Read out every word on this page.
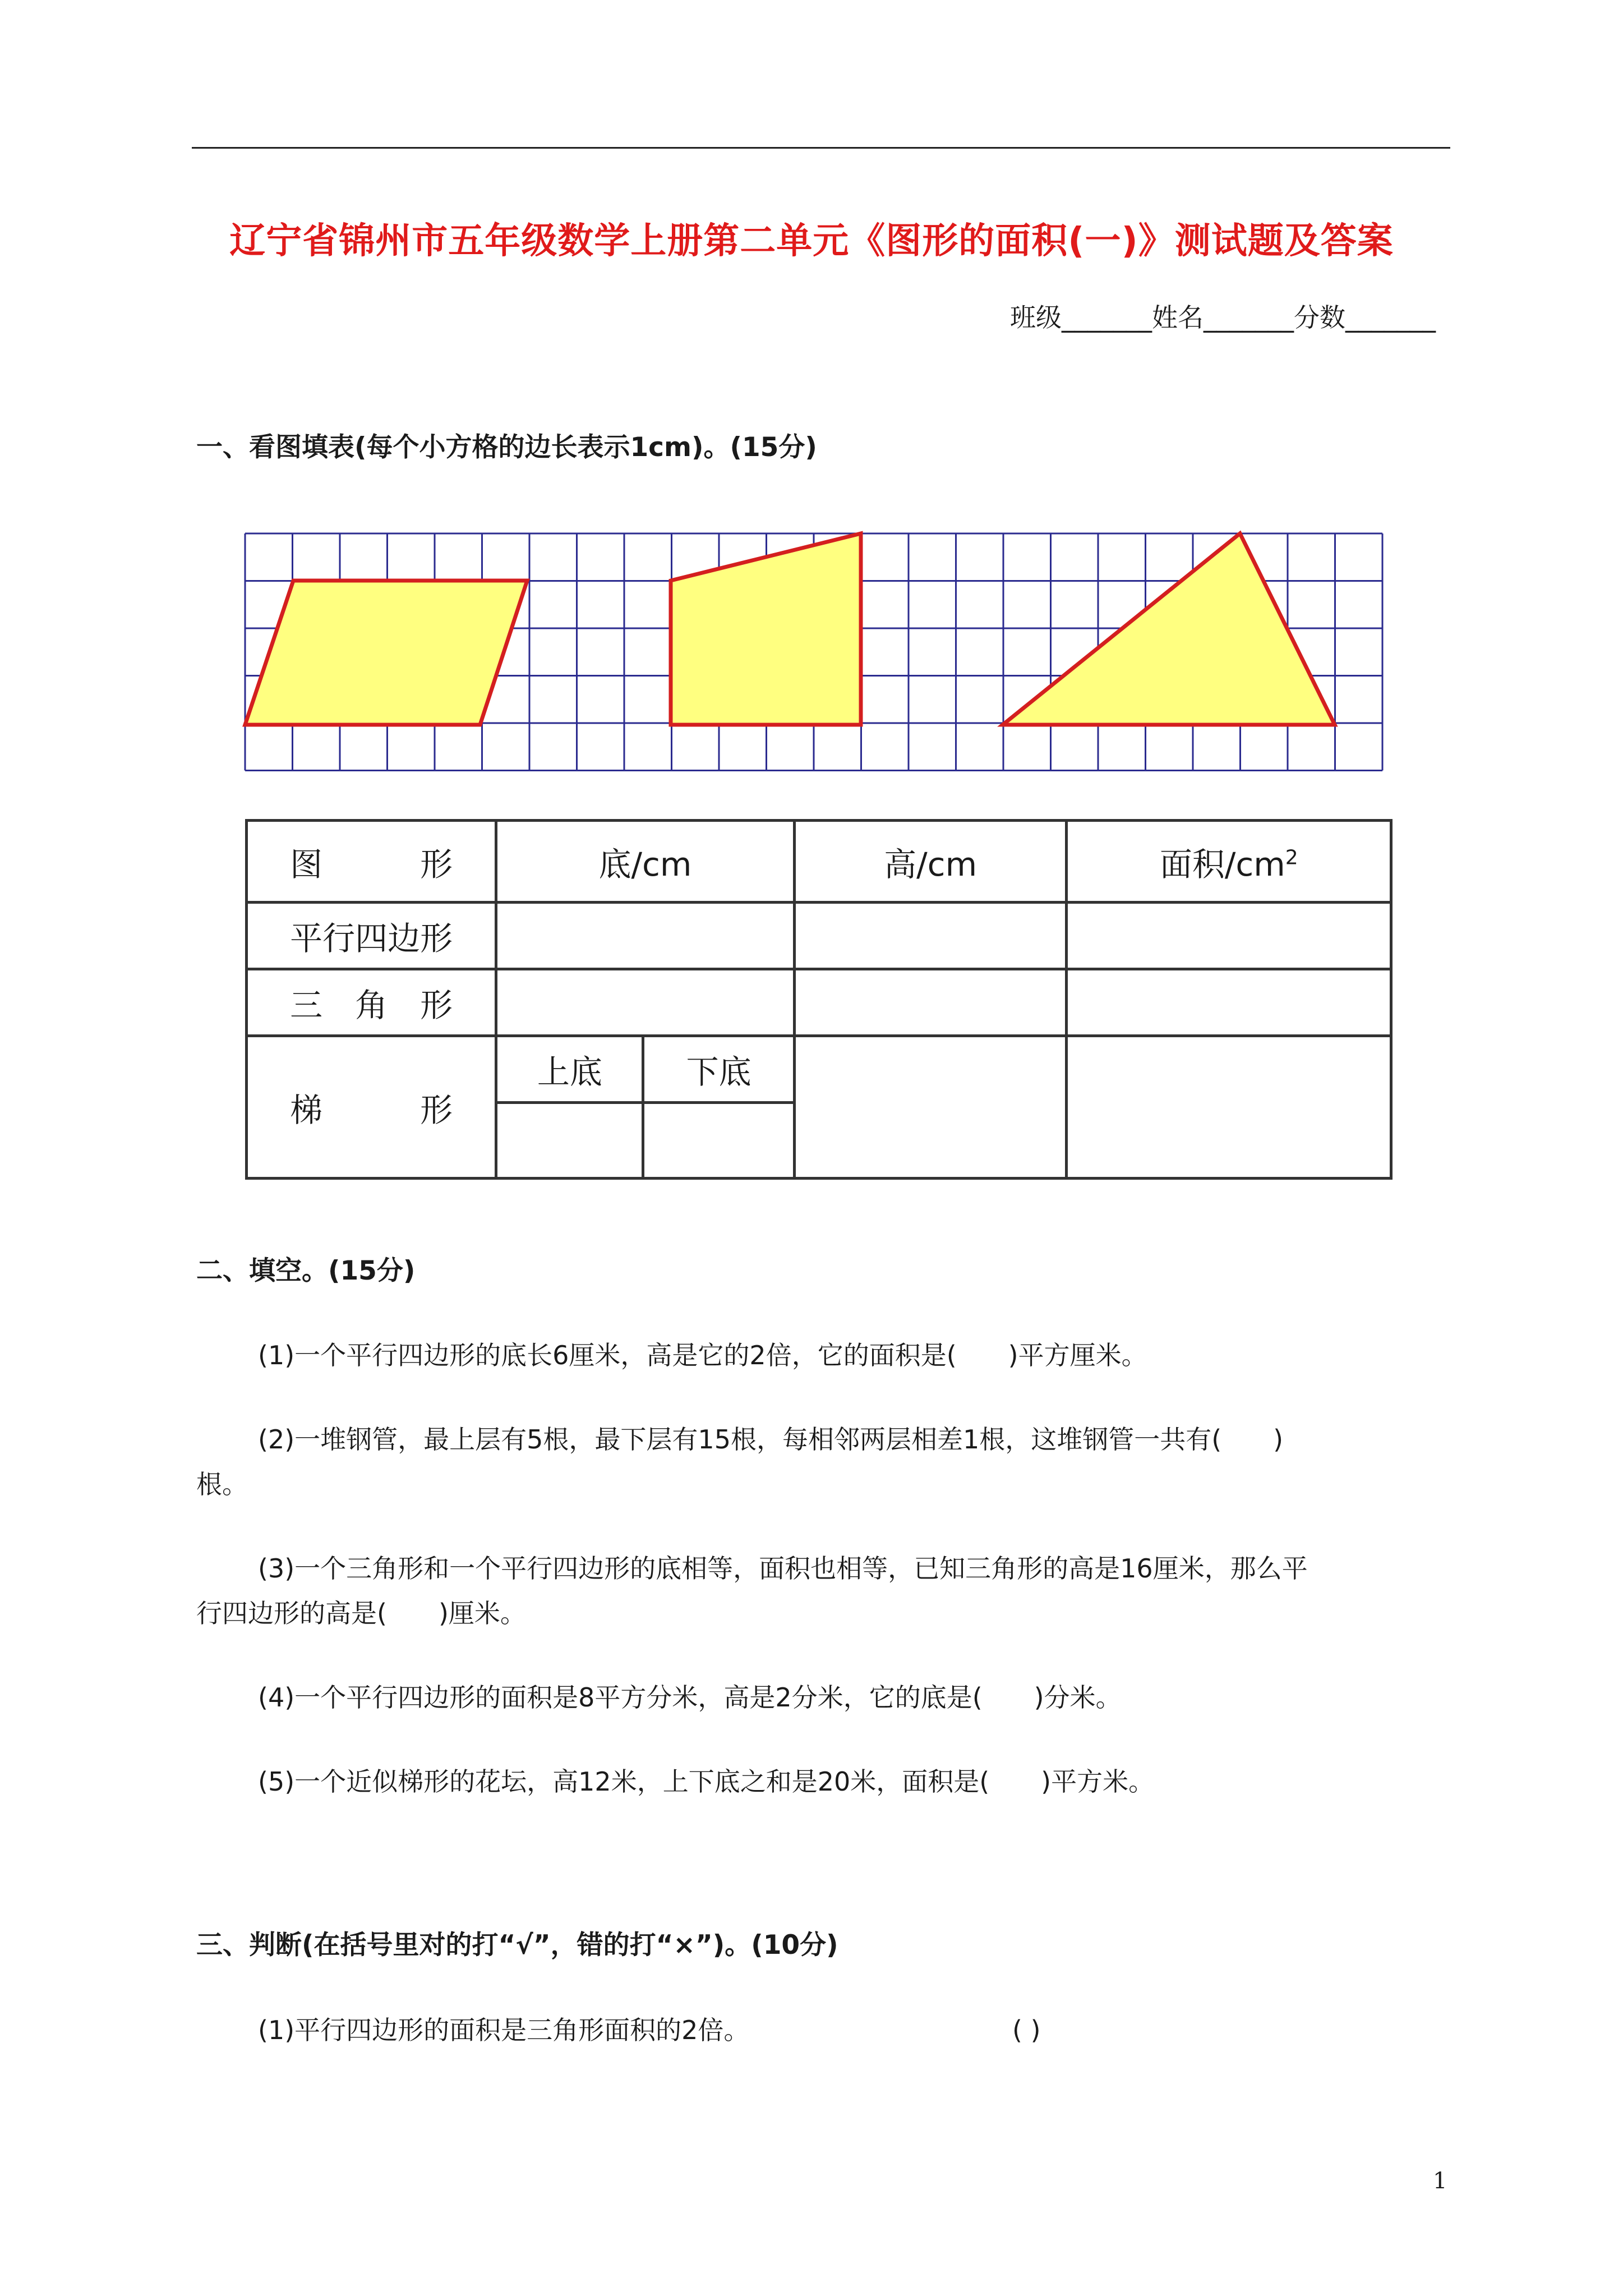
辽宁省锦州市五年级数学上册第二单元《图形的面积(一)》测试题及答案
班级_______姓名_______分数_______
一、看图填表(每个小方格的边长表示1cm)。(15分)
图　　　形	底/cm		高/cm	面积$/cm^2$
平行四边形				
三　角　形				
梯　　　形	上底	下底		

二、填空。(15分)
(1)一个平行四边形的底长6厘米，高是它的2倍，它的面积是(　　)平方厘米。
(2)一堆钢管，最上层有5根，最下层有15根，每相邻两层相差1根，这堆钢管一共有(　　)
根。
(3)一个三角形和一个平行四边形的底相等，面积也相等，已知三角形的高是16厘米，那么平
行四边形的高是(　　)厘米。
(4)一个平行四边形的面积是8平方分米，高是2分米，它的底是(　　)分米。
(5)一个近似梯形的花坛，高12米，上下底之和是20米，面积是(　　)平方米。
三、判断(在括号里对的打“√”，错的打“×”)。(10分)
(1)平行四边形的面积是三角形面积的2倍。	( )
1
